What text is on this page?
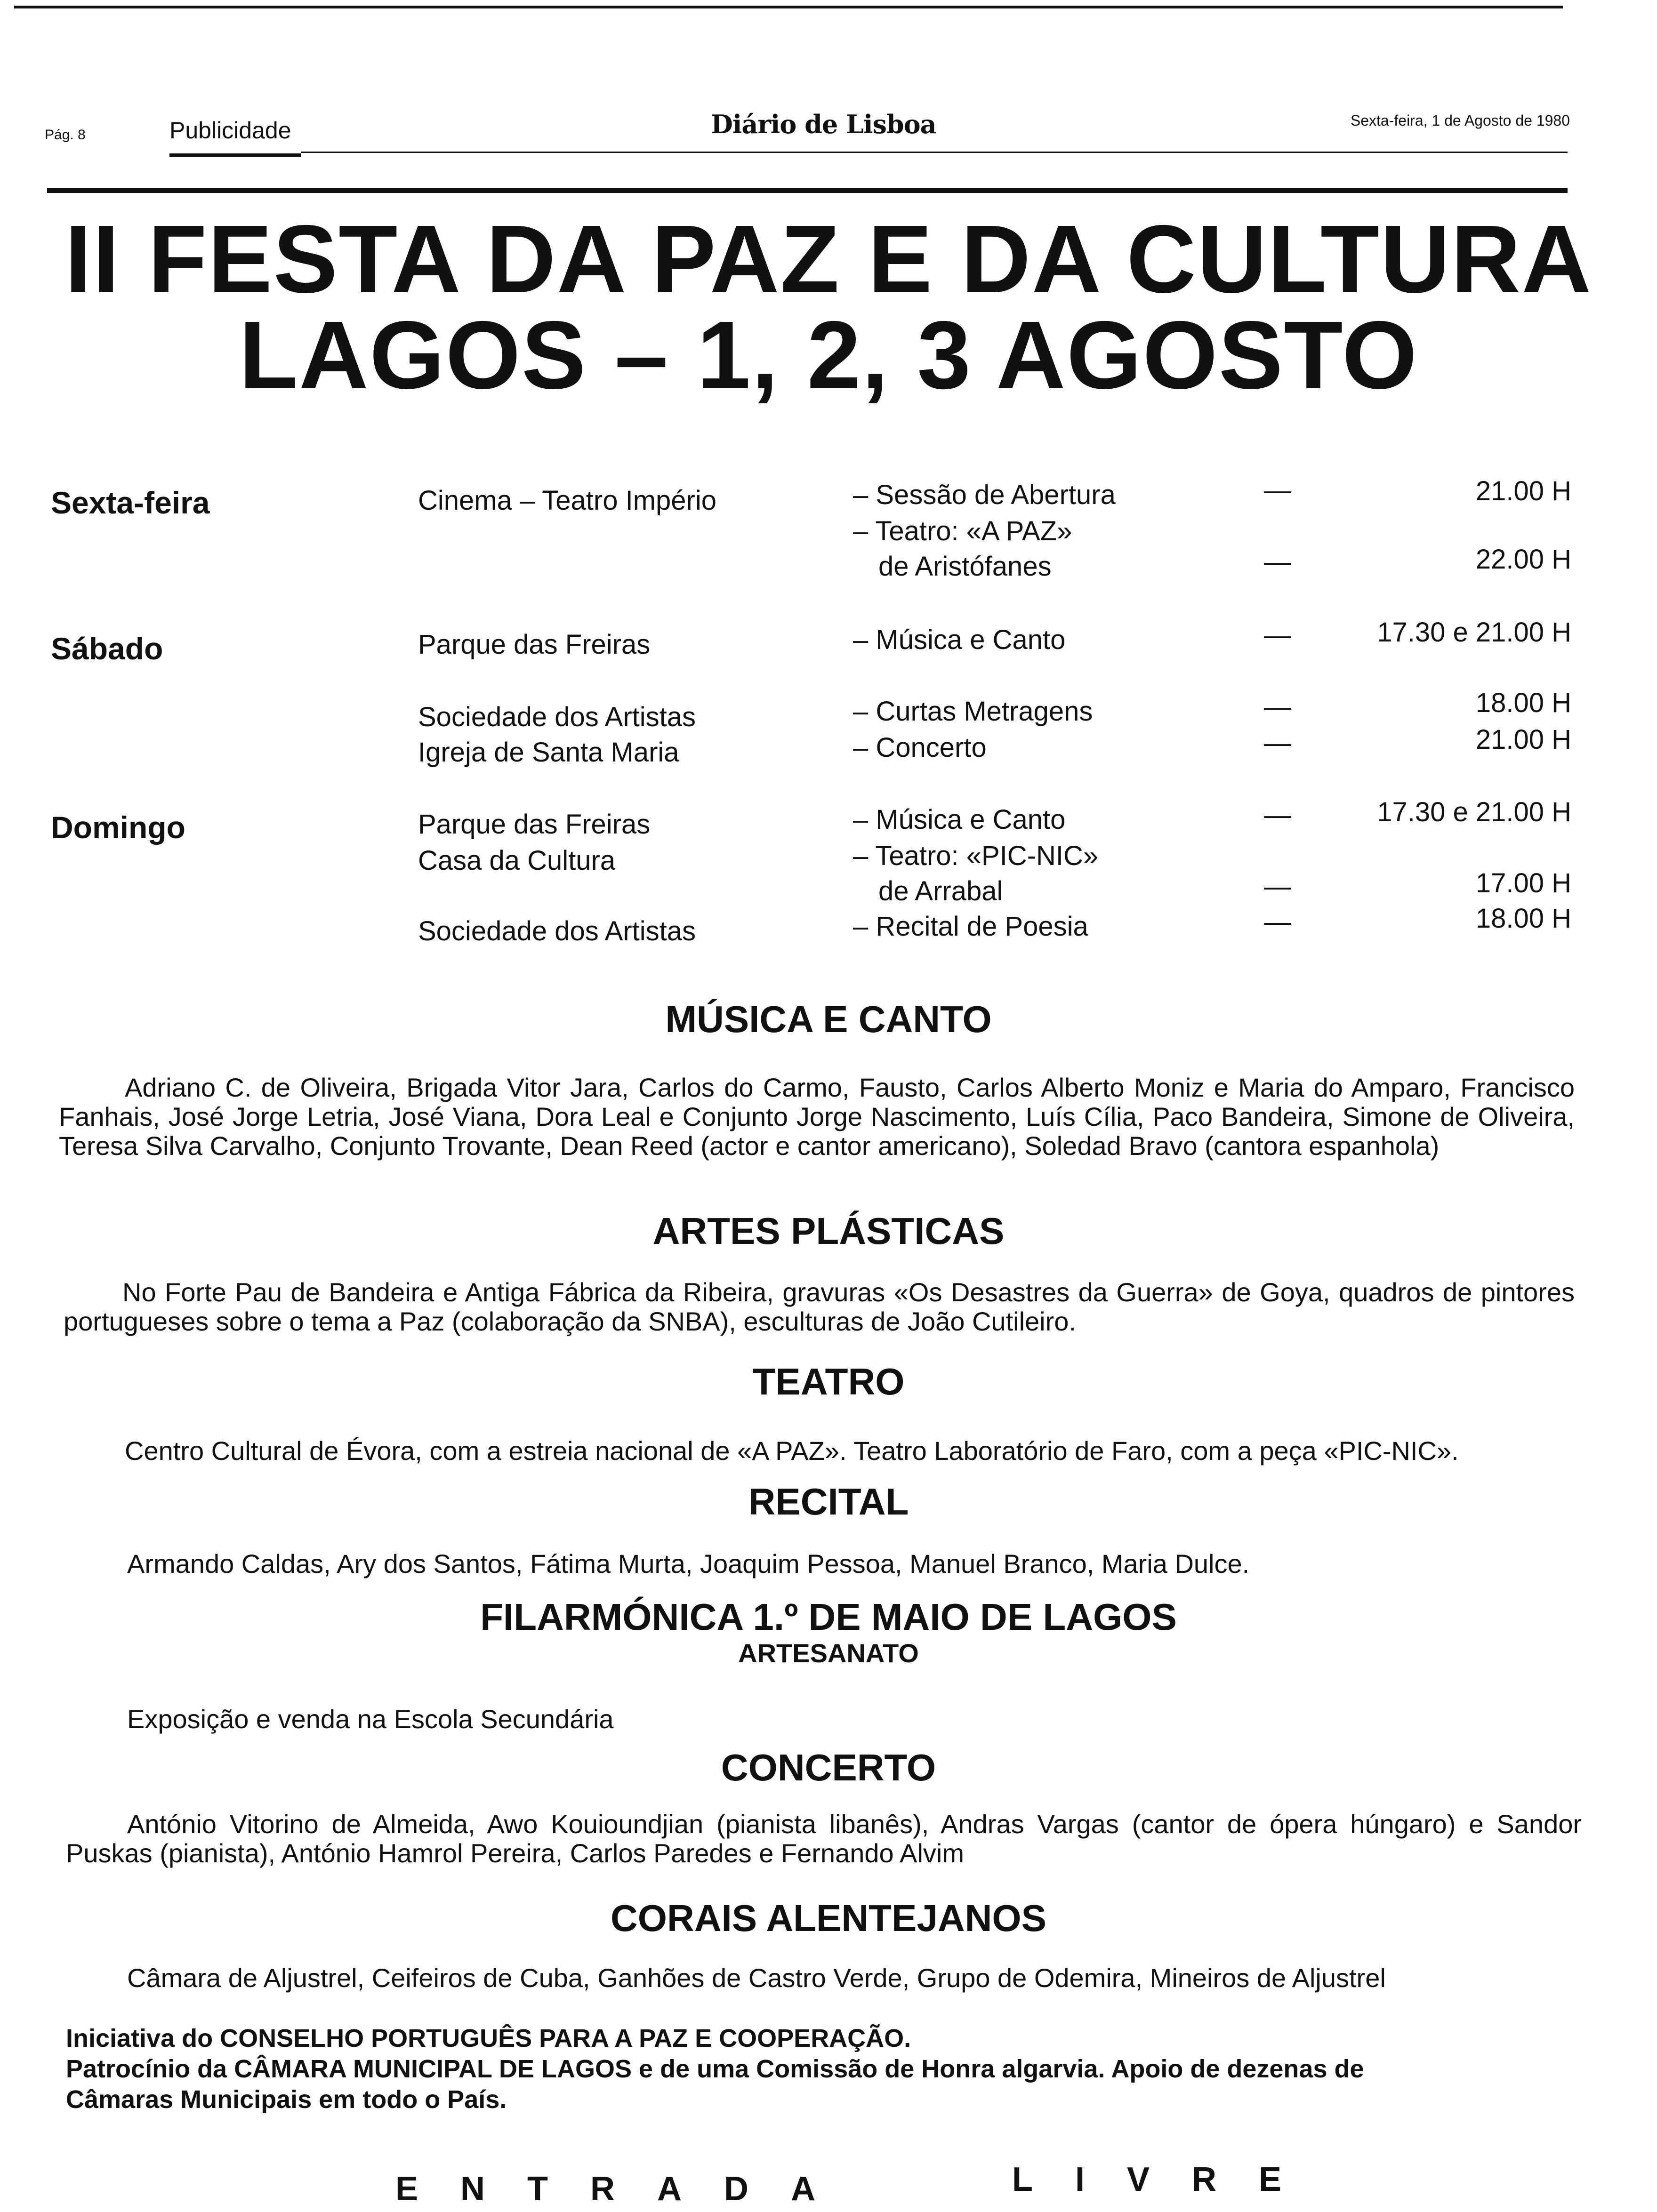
Pág. 8	Publicidade	Diário de Lisboa	Sexta-feira, 1 de Agosto de 1980
II FESTA DA PAZ E DA CULTURA
LAGOS – 1, 2, 3 AGOSTO
Sexta-feira	Cinema – Teatro Império	– Sessão de Abertura	—	21.00 H
– Teatro: «A PAZ»
de Aristófanes	—	22.00 H
Sábado	Parque das Freiras	– Música e Canto	—	17.30 e 21.00 H
Sociedade dos Artistas	– Curtas Metragens	—	18.00 H
Igreja de Santa Maria	– Concerto	—	21.00 H
Domingo	Parque das Freiras	– Música e Canto	—	17.30 e 21.00 H
Casa da Cultura	– Teatro: «PIC-NIC»
de Arrabal	—	17.00 H
Sociedade dos Artistas	– Recital de Poesia	—	18.00 H
MÚSICA E CANTO
Adriano C. de Oliveira, Brigada Vitor Jara, Carlos do Carmo, Fausto, Carlos Alberto Moniz e Maria do Amparo, Francisco Fanhais, José Jorge Letria, José Viana, Dora Leal e Conjunto Jorge Nascimento, Luís Cília, Paco Bandeira, Simone de Oliveira, Teresa Silva Carvalho, Conjunto Trovante, Dean Reed (actor e cantor americano), Soledad Bravo (cantora espanhola)
ARTES PLÁSTICAS
No Forte Pau de Bandeira e Antiga Fábrica da Ribeira, gravuras «Os Desastres da Guerra» de Goya, quadros de pintores portugueses sobre o tema a Paz (colaboração da SNBA), esculturas de João Cutileiro.
TEATRO
Centro Cultural de Évora, com a estreia nacional de «A PAZ». Teatro Laboratório de Faro, com a peça «PIC-NIC».
RECITAL
Armando Caldas, Ary dos Santos, Fátima Murta, Joaquim Pessoa, Manuel Branco, Maria Dulce.
FILARMÓNICA 1.º DE MAIO DE LAGOS
ARTESANATO
Exposição e venda na Escola Secundária
CONCERTO
António Vitorino de Almeida, Awo Kouioundjian (pianista libanês), Andras Vargas (cantor de ópera húngaro) e Sandor Puskas (pianista), António Hamrol Pereira, Carlos Paredes e Fernando Alvim
CORAIS ALENTEJANOS
Câmara de Aljustrel, Ceifeiros de Cuba, Ganhões de Castro Verde, Grupo de Odemira, Mineiros de Aljustrel
Iniciativa do CONSELHO PORTUGUÊS PARA A PAZ E COOPERAÇÃO.
Patrocínio da CÂMARA MUNICIPAL DE LAGOS e de uma Comissão de Honra algarvia. Apoio de dezenas de
Câmaras Municipais em todo o País.
ENTRADA	LIVRE
